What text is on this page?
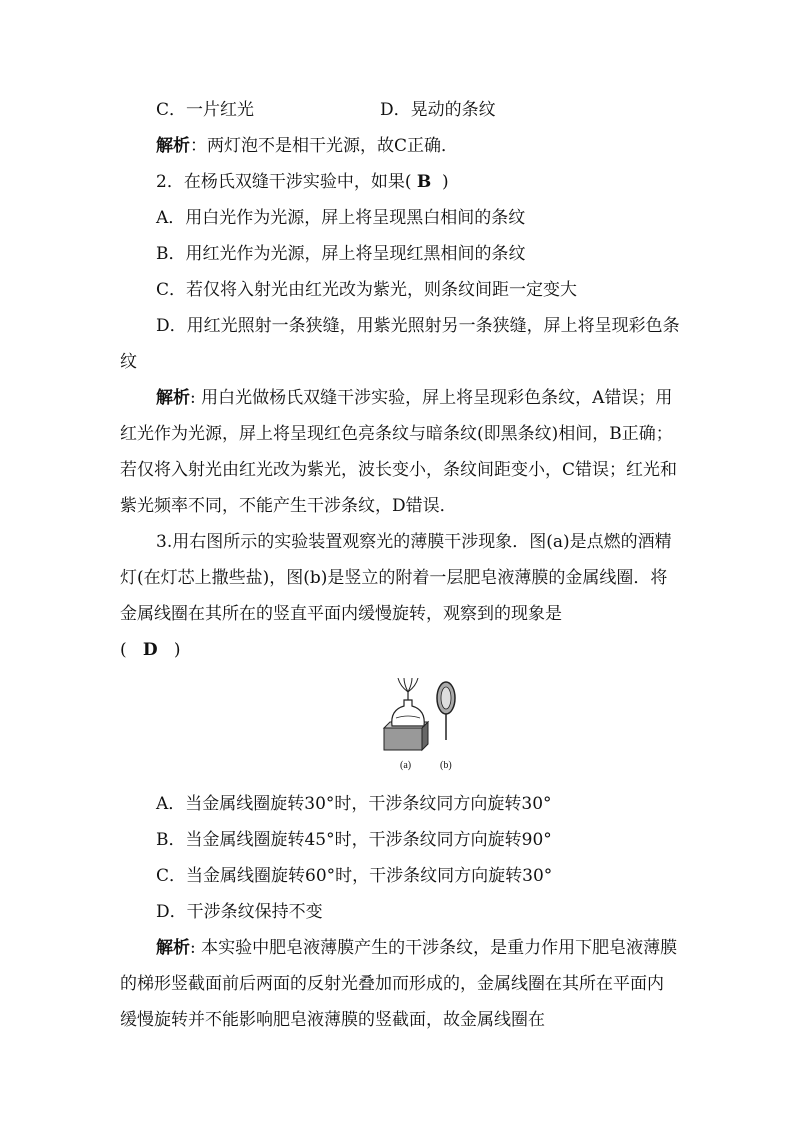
C．一片红光	D．晃动的条纹
解析：两灯泡不是相干光源，故C正确．
2．在杨氏双缝干涉实验中，如果( B )
A．用白光作为光源，屏上将呈现黑白相间的条纹
B．用红光作为光源，屏上将呈现红黑相间的条纹
C．若仅将入射光由红光改为紫光，则条纹间距一定变大
D．用红光照射一条狭缝，用紫光照射另一条狭缝，屏上将呈现彩色条纹
解析: 用白光做杨氏双缝干涉实验，屏上将呈现彩色条纹，A错误；用红光作为光源，屏上将呈现红色亮条纹与暗条纹(即黑条纹)相间，B正确；若仅将入射光由红光改为紫光，波长变小，条纹间距变小，C错误；红光和紫光频率不同，不能产生干涉条纹，D错误．
3.用右图所示的实验装置观察光的薄膜干涉现象．图(a)是点燃的酒精灯(在灯芯上撒些盐)，图(b)是竖立的附着一层肥皂液薄膜的金属线圈．将金属线圈在其所在的竖直平面内缓慢旋转，观察到的现象是
( D )
(a)	(b)
A．当金属线圈旋转30°时，干涉条纹同方向旋转30°
B．当金属线圈旋转45°时，干涉条纹同方向旋转90°
C．当金属线圈旋转60°时，干涉条纹同方向旋转30°
D．干涉条纹保持不变
解析: 本实验中肥皂液薄膜产生的干涉条纹，是重力作用下肥皂液薄膜的梯形竖截面前后两面的反射光叠加而形成的，金属线圈在其所在平面内缓慢旋转并不能影响肥皂液薄膜的竖截面，故金属线圈在
